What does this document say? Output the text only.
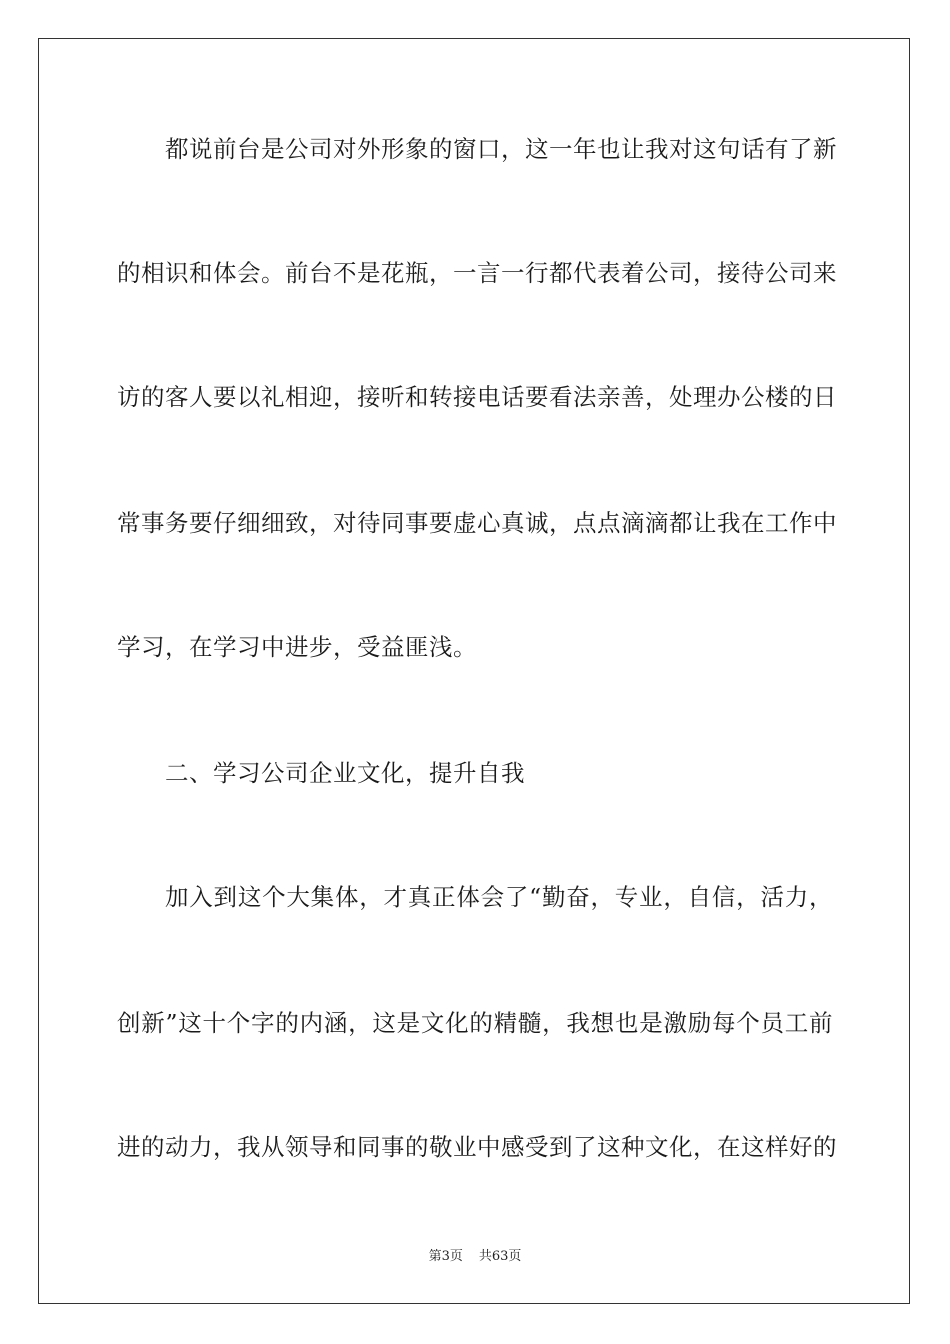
都说前台是公司对外形象的窗口，这一年也让我对这句话有了新
的相识和体会。前台不是花瓶，一言一行都代表着公司，接待公司来
访的客人要以礼相迎，接听和转接电话要看法亲善，处理办公楼的日
常事务要仔细细致，对待同事要虚心真诚，点点滴滴都让我在工作中
学习，在学习中进步，受益匪浅。
二、学习公司企业文化，提升自我
加入到这个大集体，才真正体会了“勤奋，专业，自信，活力，
创新”这十个字的内涵，这是文化的精髓，我想也是激励每个员工前
进的动力，我从领导和同事的敬业中感受到了这种文化，在这样好的
第3页 共63页
